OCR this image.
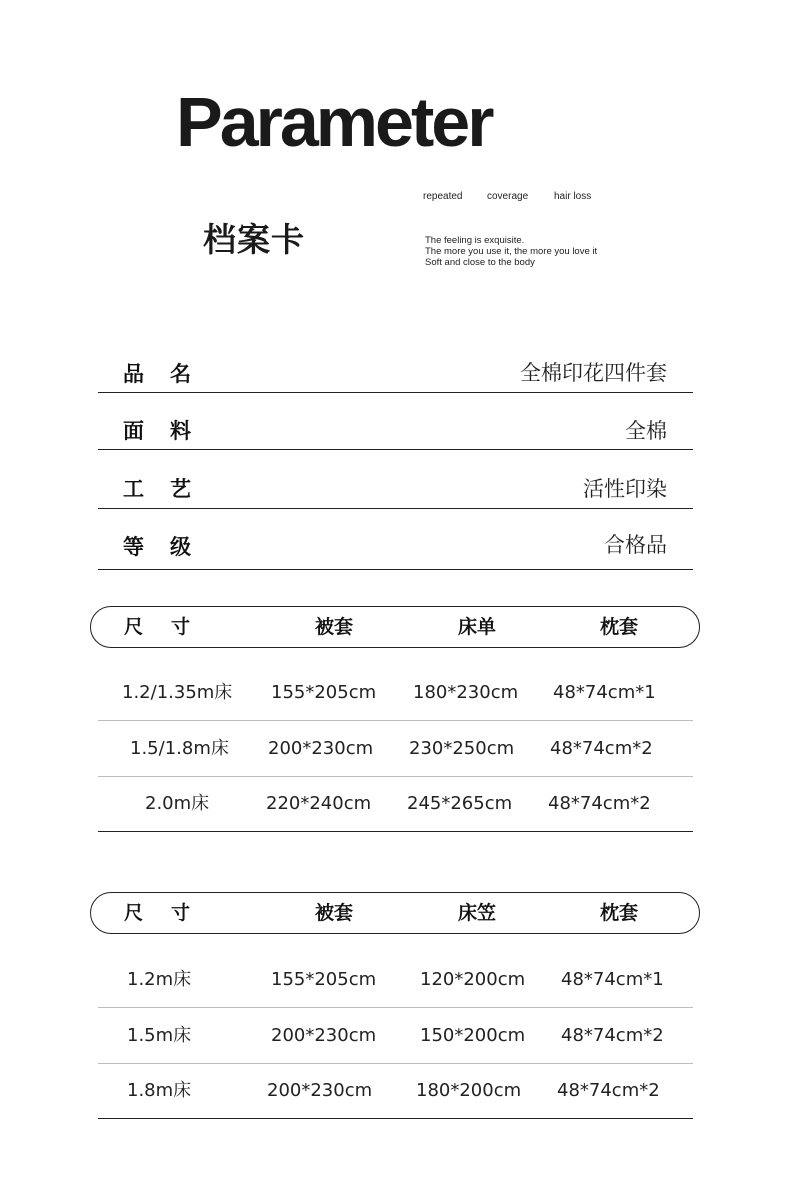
Parameter
档案卡
repeated coverage	hair loss
The feeling is exquisite.
The more you use it, the more you love it
Soft and close to the body
品 名	全棉印花四件套
面 料	全棉
工 艺	活性印染
等 级	合格品
尺 寸	被套	床单	枕套
1.2/1.35m床 155*205cm 180*230cm 48*74cm*1
1.5/1.8m床 200*230cm 230*250cm 48*74cm*2
2.0m床	220*240cm 245*265cm 48*74cm*2
尺 寸	被套	床笠	枕套
1.2m床	155*205cm 120*200cm 48*74cm*1
1.5m床	200*230cm 150*200cm 48*74cm*2
1.8m床	200*230cm 180*200cm 48*74cm*2
